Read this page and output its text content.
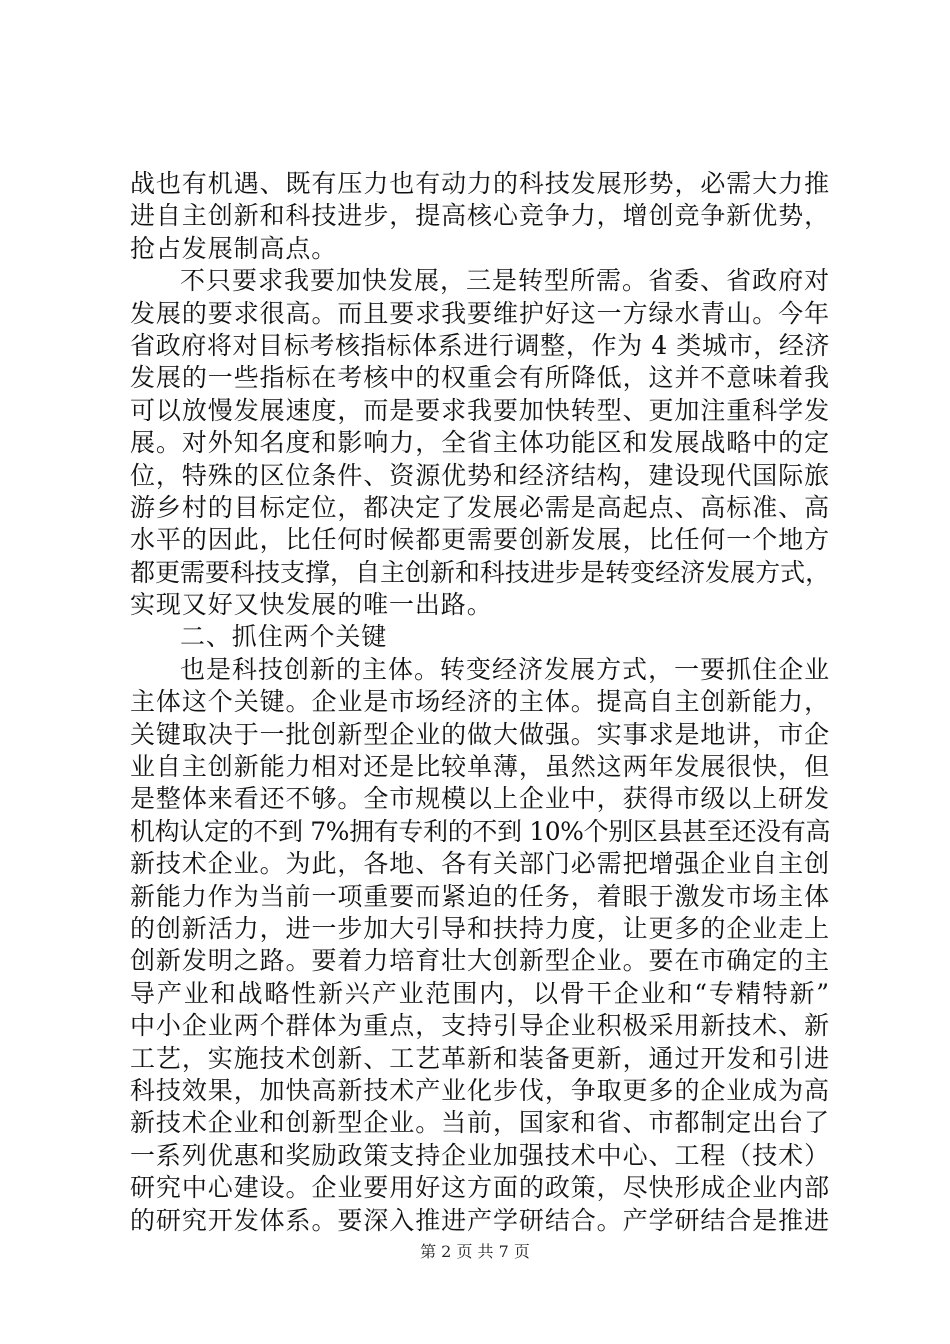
战也有机遇、既有压力也有动力的科技发展形势，必需大力推
进自主创新和科技进步，提高核心竞争力，增创竞争新优势，
抢占发展制高点。
不只要求我要加快发展，三是转型所需。省委、省政府对
发展的要求很高。而且要求我要维护好这一方绿水青山。今年
省政府将对目标考核指标体系进行调整，作为 4 类城市，经济
发展的一些指标在考核中的权重会有所降低，这并不意味着我
可以放慢发展速度，而是要求我要加快转型、更加注重科学发
展。对外知名度和影响力，全省主体功能区和发展战略中的定
位，特殊的区位条件、资源优势和经济结构，建设现代国际旅
游乡村的目标定位，都决定了发展必需是高起点、高标准、高
水平的因此，比任何时候都更需要创新发展，比任何一个地方
都更需要科技支撑，自主创新和科技进步是转变经济发展方式，
实现又好又快发展的唯一出路。
二、抓住两个关键
也是科技创新的主体。转变经济发展方式，一要抓住企业
主体这个关键。企业是市场经济的主体。提高自主创新能力，
关键取决于一批创新型企业的做大做强。实事求是地讲，市企
业自主创新能力相对还是比较单薄，虽然这两年发展很快，但
是整体来看还不够。全市规模以上企业中，获得市级以上研发
机构认定的不到 7%拥有专利的不到 10%个别区县甚至还没有高
新技术企业。为此，各地、各有关部门必需把增强企业自主创
新能力作为当前一项重要而紧迫的任务，着眼于激发市场主体
的创新活力，进一步加大引导和扶持力度，让更多的企业走上
创新发明之路。要着力培育壮大创新型企业。要在市确定的主
导产业和战略性新兴产业范围内，以骨干企业和“专精特新”
中小企业两个群体为重点，支持引导企业积极采用新技术、新
工艺，实施技术创新、工艺革新和装备更新，通过开发和引进
科技效果，加快高新技术产业化步伐，争取更多的企业成为高
新技术企业和创新型企业。当前，国家和省、市都制定出台了
一系列优惠和奖励政策支持企业加强技术中心、工程（技术）
研究中心建设。企业要用好这方面的政策，尽快形成企业内部
的研究开发体系。要深入推进产学研结合。产学研结合是推进
第 2 页 共 7 页
